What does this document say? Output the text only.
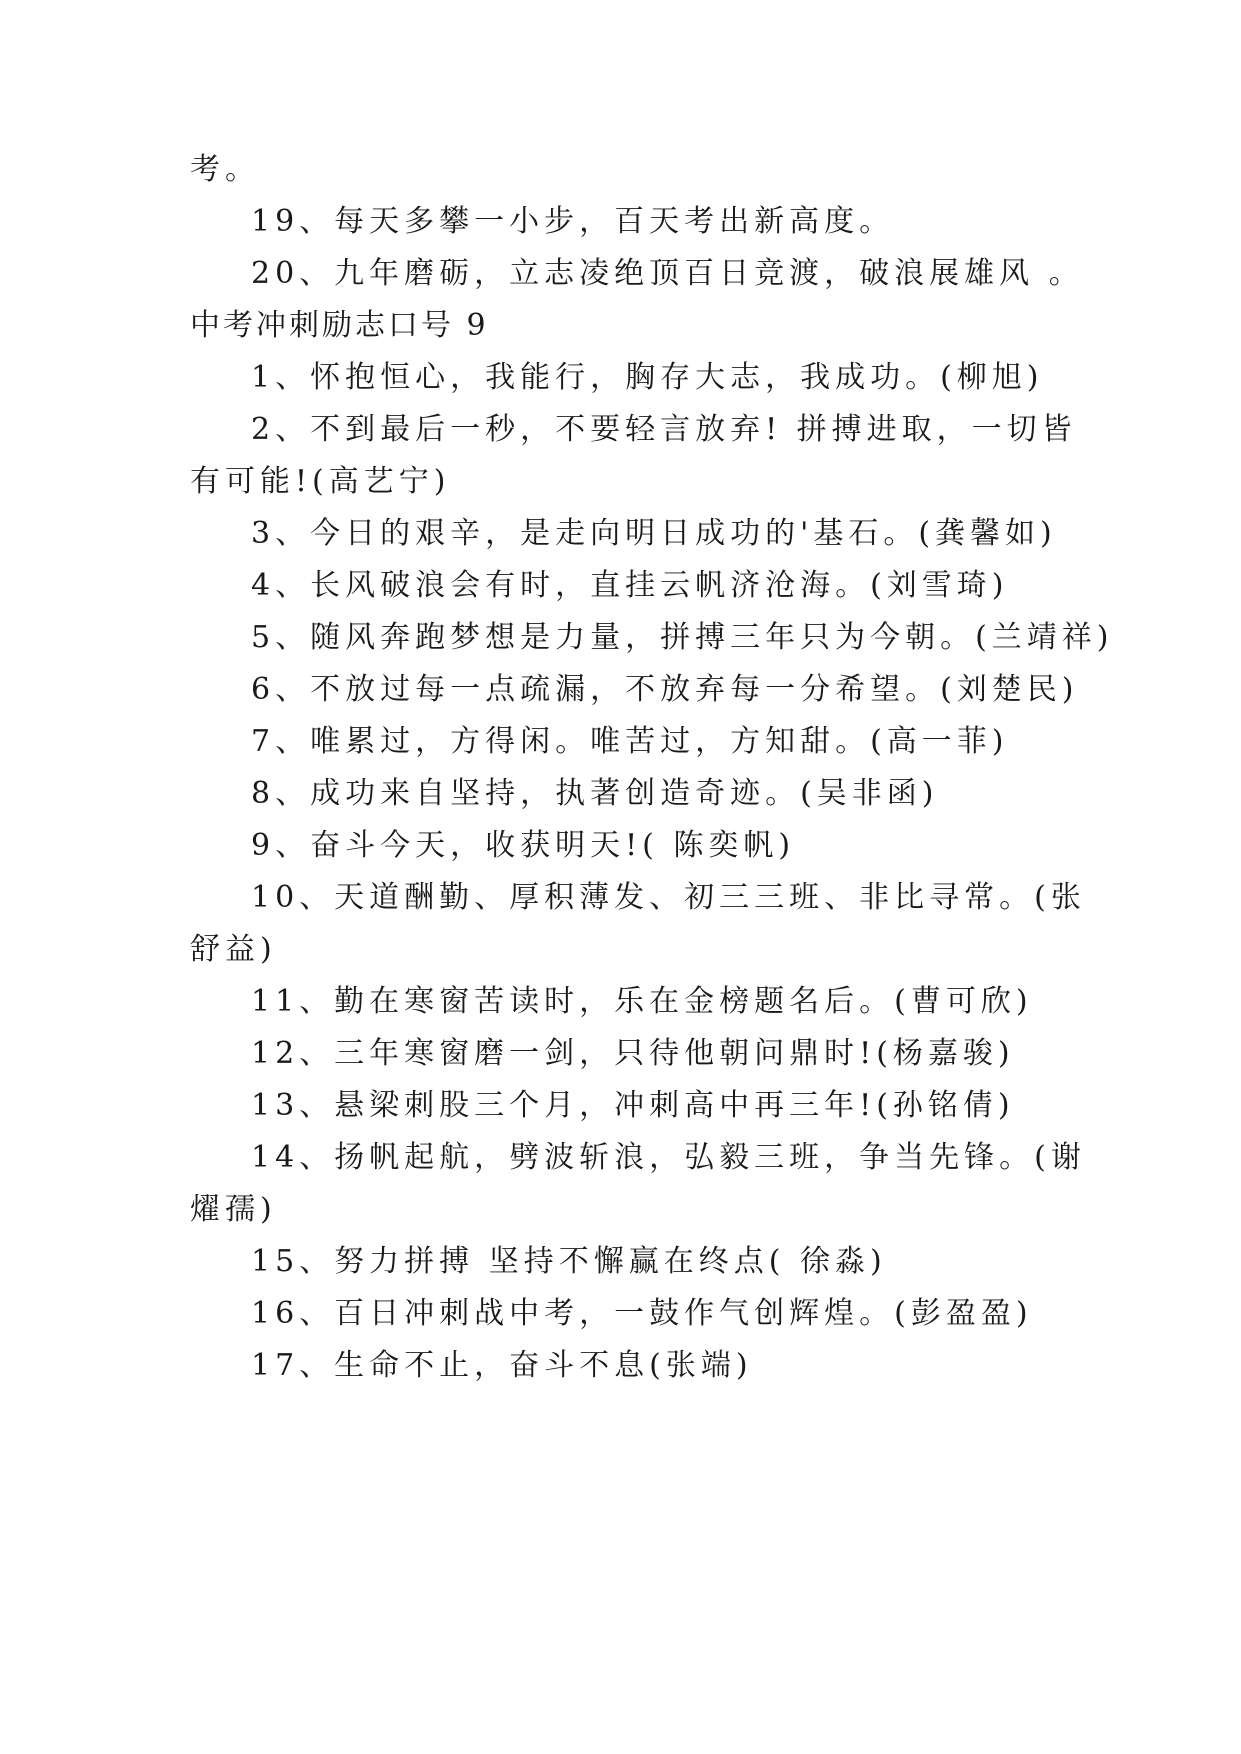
考。
19、每天多攀一小步，百天考出新高度。
20、九年磨砺，立志凌绝顶百日竞渡，破浪展雄风 。
中考冲刺励志口号 9
1、怀抱恒心，我能行，胸存大志，我成功。(柳旭)
2、不到最后一秒，不要轻言放弃! 拼搏进取，一切皆
有可能!(高艺宁)
3、今日的艰辛，是走向明日成功的'基石。(龚馨如)
4、长风破浪会有时，直挂云帆济沧海。(刘雪琦)
5、随风奔跑梦想是力量，拼搏三年只为今朝。(兰靖祥)
6、不放过每一点疏漏，不放弃每一分希望。(刘楚民)
7、唯累过，方得闲。唯苦过，方知甜。(高一菲)
8、成功来自坚持，执著创造奇迹。(吴非函)
9、奋斗今天，收获明天!( 陈奕帆)
10、天道酬勤、厚积薄发、初三三班、非比寻常。(张
舒益)
11、勤在寒窗苦读时，乐在金榜题名后。(曹可欣)
12、三年寒窗磨一剑，只待他朝问鼎时!(杨嘉骏)
13、悬梁刺股三个月，冲刺高中再三年!(孙铭倩)
14、扬帆起航，劈波斩浪，弘毅三班，争当先锋。(谢
燿孺)
15、努力拼搏 坚持不懈赢在终点( 徐淼)
16、百日冲刺战中考，一鼓作气创辉煌。(彭盈盈)
17、生命不止，奋斗不息(张端)
